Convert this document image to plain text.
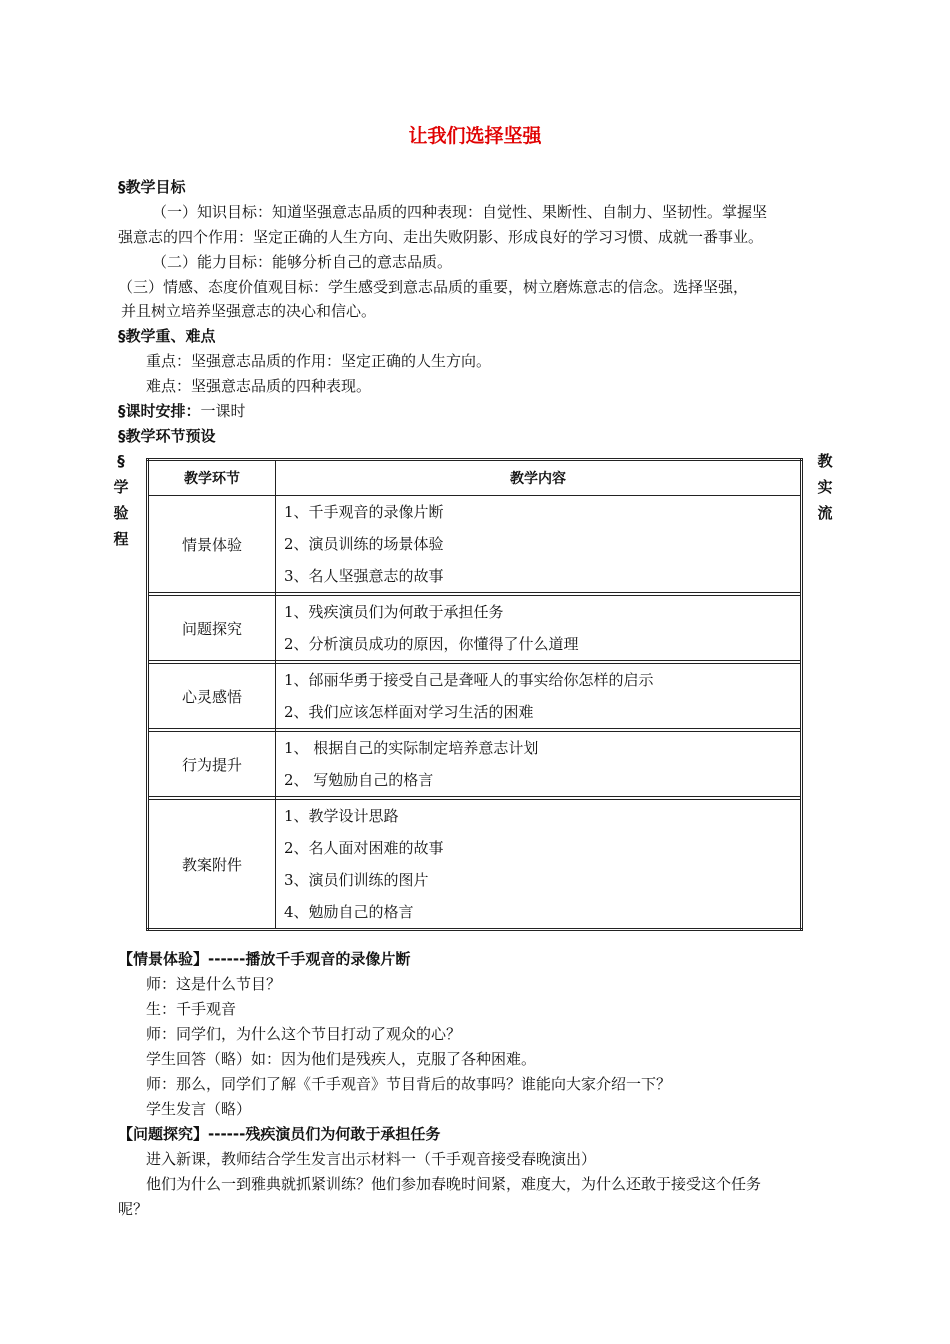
让我们选择坚强
§教学目标
（一）知识目标：知道坚强意志品质的四种表现：自觉性、果断性、自制力、坚韧性。掌握坚
强意志的四个作用：坚定正确的人生方向、走出失败阴影、形成良好的学习习惯、成就一番事业。
（二）能力目标：能够分析自己的意志品质。
（三）情感、态度价值观目标：学生感受到意志品质的重要，树立磨炼意志的信念。选择坚强，
并且树立培养坚强意志的决心和信心。
§教学重、难点
重点：坚强意志品质的作用：坚定正确的人生方向。
难点：坚强意志品质的四种表现。
§课时安排：一课时
§教学环节预设
§
学
验
程
教
实
流
教学环节	教学内容
情景体验	1、千手观音的录像片断
2、演员训练的场景体验
3、名人坚强意志的故事

问题探究	1、残疾演员们为何敢于承担任务
2、分析演员成功的原因，你懂得了什么道理

心灵感悟	1、邰丽华勇于接受自己是聋哑人的事实给你怎样的启示
2、我们应该怎样面对学习生活的困难

行为提升	1、 根据自己的实际制定培养意志计划
2、 写勉励自己的格言

教案附件	1、教学设计思路
2、名人面对困难的故事
3、演员们训练的图片
4、勉励自己的格言
【情景体验】------播放千手观音的录像片断
师：这是什么节目？
生：千手观音
师：同学们，为什么这个节目打动了观众的心？
学生回答（略）如：因为他们是残疾人，克服了各种困难。
师：那么，同学们了解《千手观音》节目背后的故事吗？谁能向大家介绍一下？
学生发言（略）
【问题探究】------残疾演员们为何敢于承担任务
进入新课，教师结合学生发言出示材料一（千手观音接受春晚演出）
他们为什么一到雅典就抓紧训练？他们参加春晚时间紧，难度大，为什么还敢于接受这个任务
呢？
